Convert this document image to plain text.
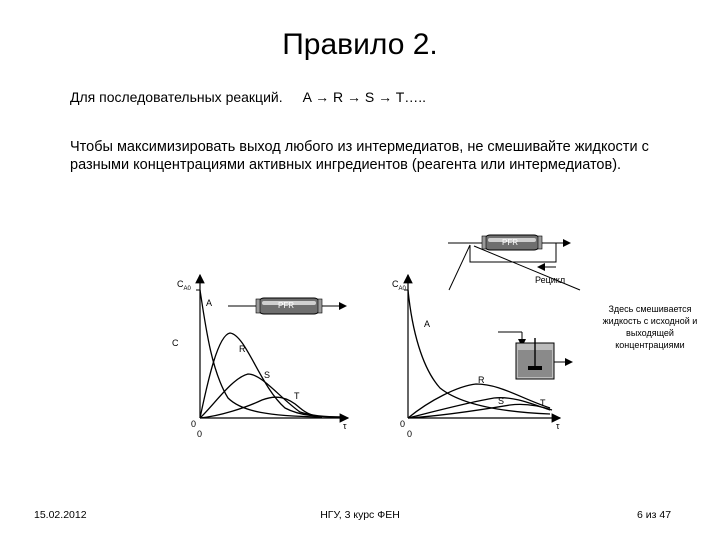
Правило 2.
Для последовательных реакций. A → R → S → T…..
Чтобы максимизировать выход любого из интермедиатов, не смешивайте жидкости с разными концентрациями активных ингредиентов (реагента или интермедиатов).
$C_{A0}$
A
C
R
S
T
0
0
τ
PFR
$C_{A0}$
PFR
Рецикл
A
R
S	T
0
0
τ
Здесь смешивается жидкость с исходной и выходящей концентрациями
15.02.2012	НГУ, 3 курс ФЕН	6 из 47
